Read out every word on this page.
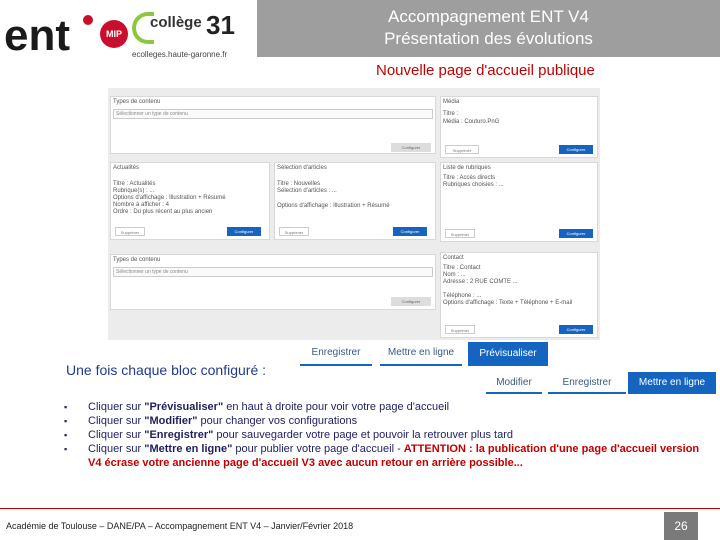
ent	MIP
collège 31
ecolleges.haute-garonne.fr
Accompagnement ENT V4
Présentation des évolutions
Nouvelle page d'accueil publique
Types de contenu
Sélectionner un type de contenu
Configurer
Média
Titre :
Média : Couturo.PnG
Supprimer	Configurer
Actualités
Titre : Actualités
Rubrique(s) : ...
Options d'affichage : Illustration + Résumé
Nombre à afficher : 4
Ordre : Du plus récent au plus ancien
Supprimer	Configurer
Sélection d'articles
Titre : Nouvelles
Sélection d'articles : ...
Options d'affichage : Illustration + Résumé
Supprimer	Configurer
Liste de rubriques
Titre : Accès directs
Rubriques choisies : ...
Supprimer	Configurer
Types de contenu
Sélectionner un type de contenu
Configurer
Contact
Titre : Contact
Nom : ...
Adresse : 2 RUE COMTE ...
Téléphone : ...
Options d'affichage : Texte + Téléphone + E-mail
Supprimer	Configurer
Enregistrer	Mettre en ligne	Prévisualiser
Modifier	Enregistrer	Mettre en ligne
Une fois chaque bloc configuré :
▪ Cliquer sur "Prévisualiser" en haut à droite pour voir votre page d'accueil
▪ Cliquer sur "Modifier" pour changer vos configurations
▪ Cliquer sur "Enregistrer" pour sauvegarder votre page et pouvoir la retrouver plus tard
▪ Cliquer sur "Mettre en ligne" pour publier votre page d'accueil - ATTENTION : la publication d'une page d'accueil version V4 écrase votre ancienne page d'accueil V3 avec aucun retour en arrière possible...
Académie de Toulouse – DANE/PA – Accompagnement ENT V4 – Janvier/Février 2018	26
